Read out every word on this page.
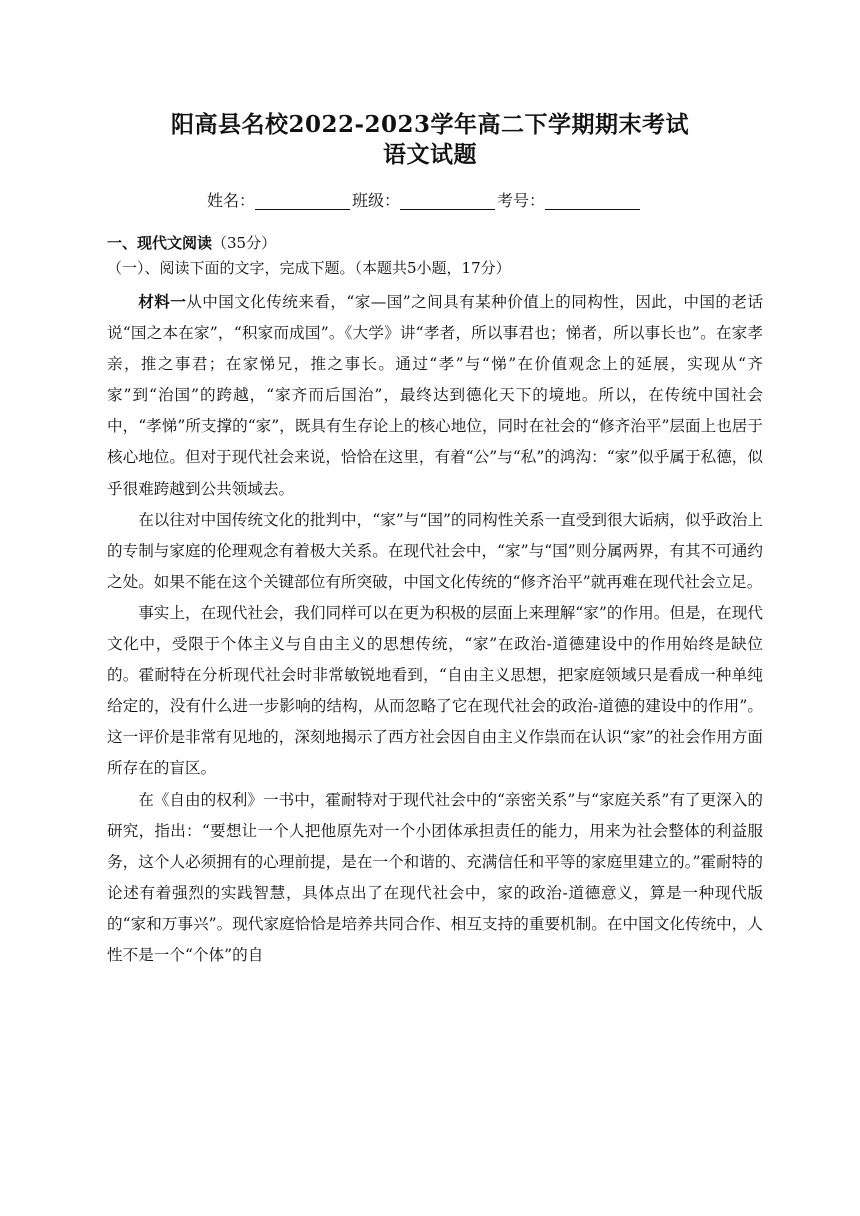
阳高县名校2022-2023学年高二下学期期末考试
语文试题
姓名：	班级：	考号：
一、现代文阅读（35分）
（一）、阅读下面的文字，完成下题。（本题共5小题，17分）

材料一从中国文化传统来看，“家—国”之间具有某种价值上的同构性，因此，中国的老话说“国之本在家”，“积家而成国”。《大学》讲“孝者，所以事君也；悌者，所以事长也”。在家孝亲，推之事君；在家悌兄，推之事长。通过“孝”与“悌”在价值观念上的延展，实现从“齐家”到“治国”的跨越，“家齐而后国治”，最终达到德化天下的境地。所以，在传统中国社会中，“孝悌”所支撑的“家”，既具有生存论上的核心地位，同时在社会的“修齐治平”层面上也居于核心地位。但对于现代社会来说，恰恰在这里，有着“公”与“私”的鸿沟：“家”似乎属于私德，似乎很难跨越到公共领域去。

在以往对中国传统文化的批判中，“家”与“国”的同构性关系一直受到很大诟病，似乎政治上的专制与家庭的伦理观念有着极大关系。在现代社会中，“家”与“国”则分属两界，有其不可通约之处。如果不能在这个关键部位有所突破，中国文化传统的“修齐治平”就再难在现代社会立足。

事实上，在现代社会，我们同样可以在更为积极的层面上来理解“家”的作用。但是，在现代文化中，受限于个体主义与自由主义的思想传统，“家”在政治-道德建设中的作用始终是缺位的。霍耐特在分析现代社会时非常敏锐地看到，“自由主义思想，把家庭领域只是看成一种单纯给定的，没有什么进一步影响的结构，从而忽略了它在现代社会的政治-道德的建设中的作用”。这一评价是非常有见地的，深刻地揭示了西方社会因自由主义作祟而在认识“家”的社会作用方面所存在的盲区。

在《自由的权利》一书中，霍耐特对于现代社会中的“亲密关系”与“家庭关系”有了更深入的研究，指出：“要想让一个人把他原先对一个小团体承担责任的能力，用来为社会整体的利益服务，这个人必须拥有的心理前提，是在一个和谐的、充满信任和平等的家庭里建立的。”霍耐特的论述有着强烈的实践智慧，具体点出了在现代社会中，家的政治-道德意义，算是一种现代版的“家和万事兴”。现代家庭恰恰是培养共同合作、相互支持的重要机制。在中国文化传统中，人性不是一个“个体”的自
